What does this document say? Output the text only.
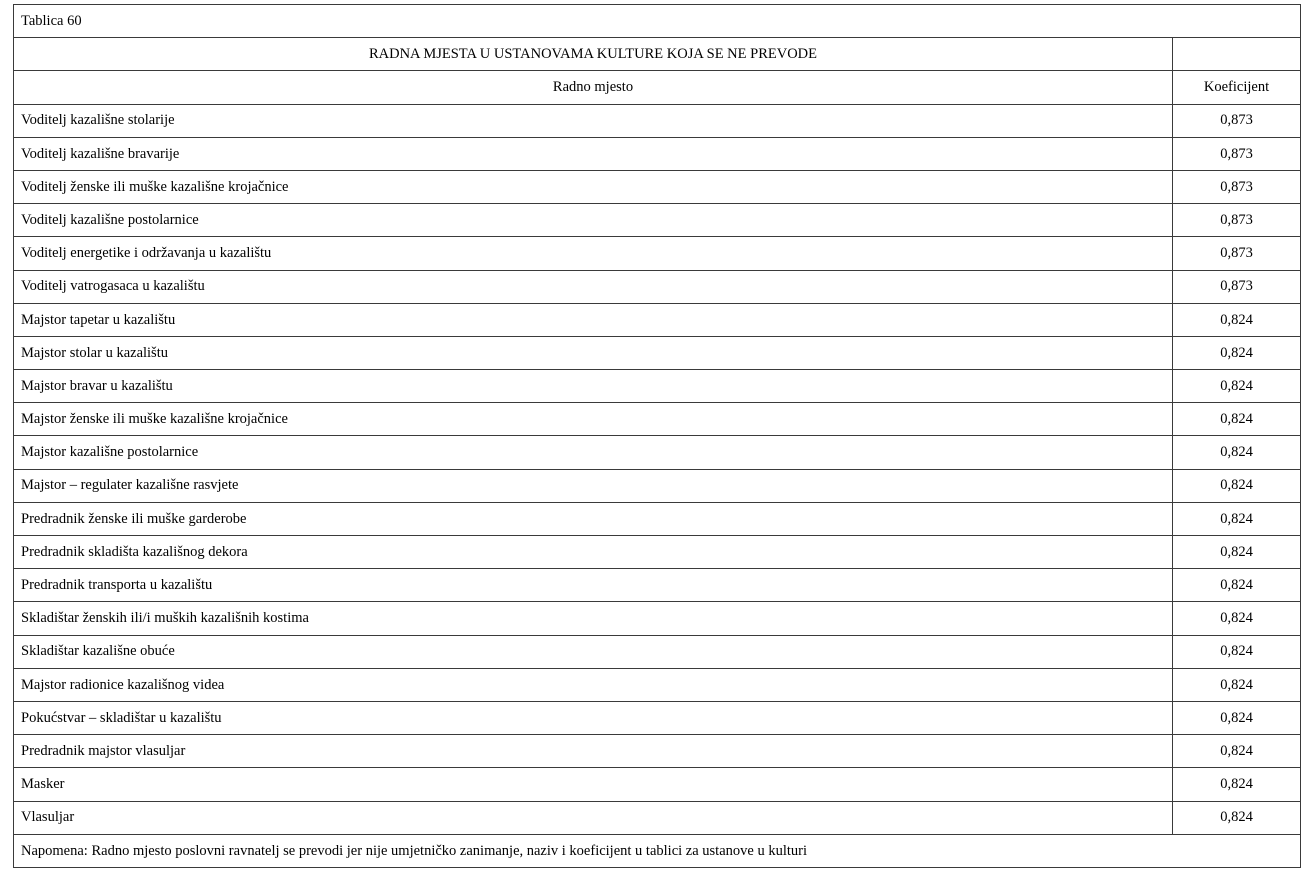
Tablica 60	
RADNA MJESTA U USTANOVAMA KULTURE KOJA SE NE PREVODE	
Radno mjesto	Koeficijent
Voditelj kazališne stolarije	0,873
Voditelj kazališne bravarije	0,873
Voditelj ženske ili muške kazališne krojačnice	0,873
Voditelj kazališne postolarnice	0,873
Voditelj energetike i održavanja u kazalištu	0,873
Voditelj vatrogasaca u kazalištu	0,873
Majstor tapetar u kazalištu	0,824
Majstor stolar u kazalištu	0,824
Majstor bravar u kazalištu	0,824
Majstor ženske ili muške kazališne krojačnice	0,824
Majstor kazališne postolarnice	0,824
Majstor – regulater kazališne rasvjete	0,824
Predradnik ženske ili muške garderobe	0,824
Predradnik skladišta kazališnog dekora	0,824
Predradnik transporta u kazalištu	0,824
Skladištar ženskih ili/i muških kazališnih kostima	0,824
Skladištar kazališne obuće	0,824
Majstor radionice kazališnog videa	0,824
Pokućstvar – skladištar u kazalištu	0,824
Predradnik majstor vlasuljar	0,824
Masker	0,824
Vlasuljar	0,824
Napomena: Radno mjesto poslovni ravnatelj se prevodi jer nije umjetničko zanimanje, naziv i koeficijent u tablici za ustanove u kulturi	
